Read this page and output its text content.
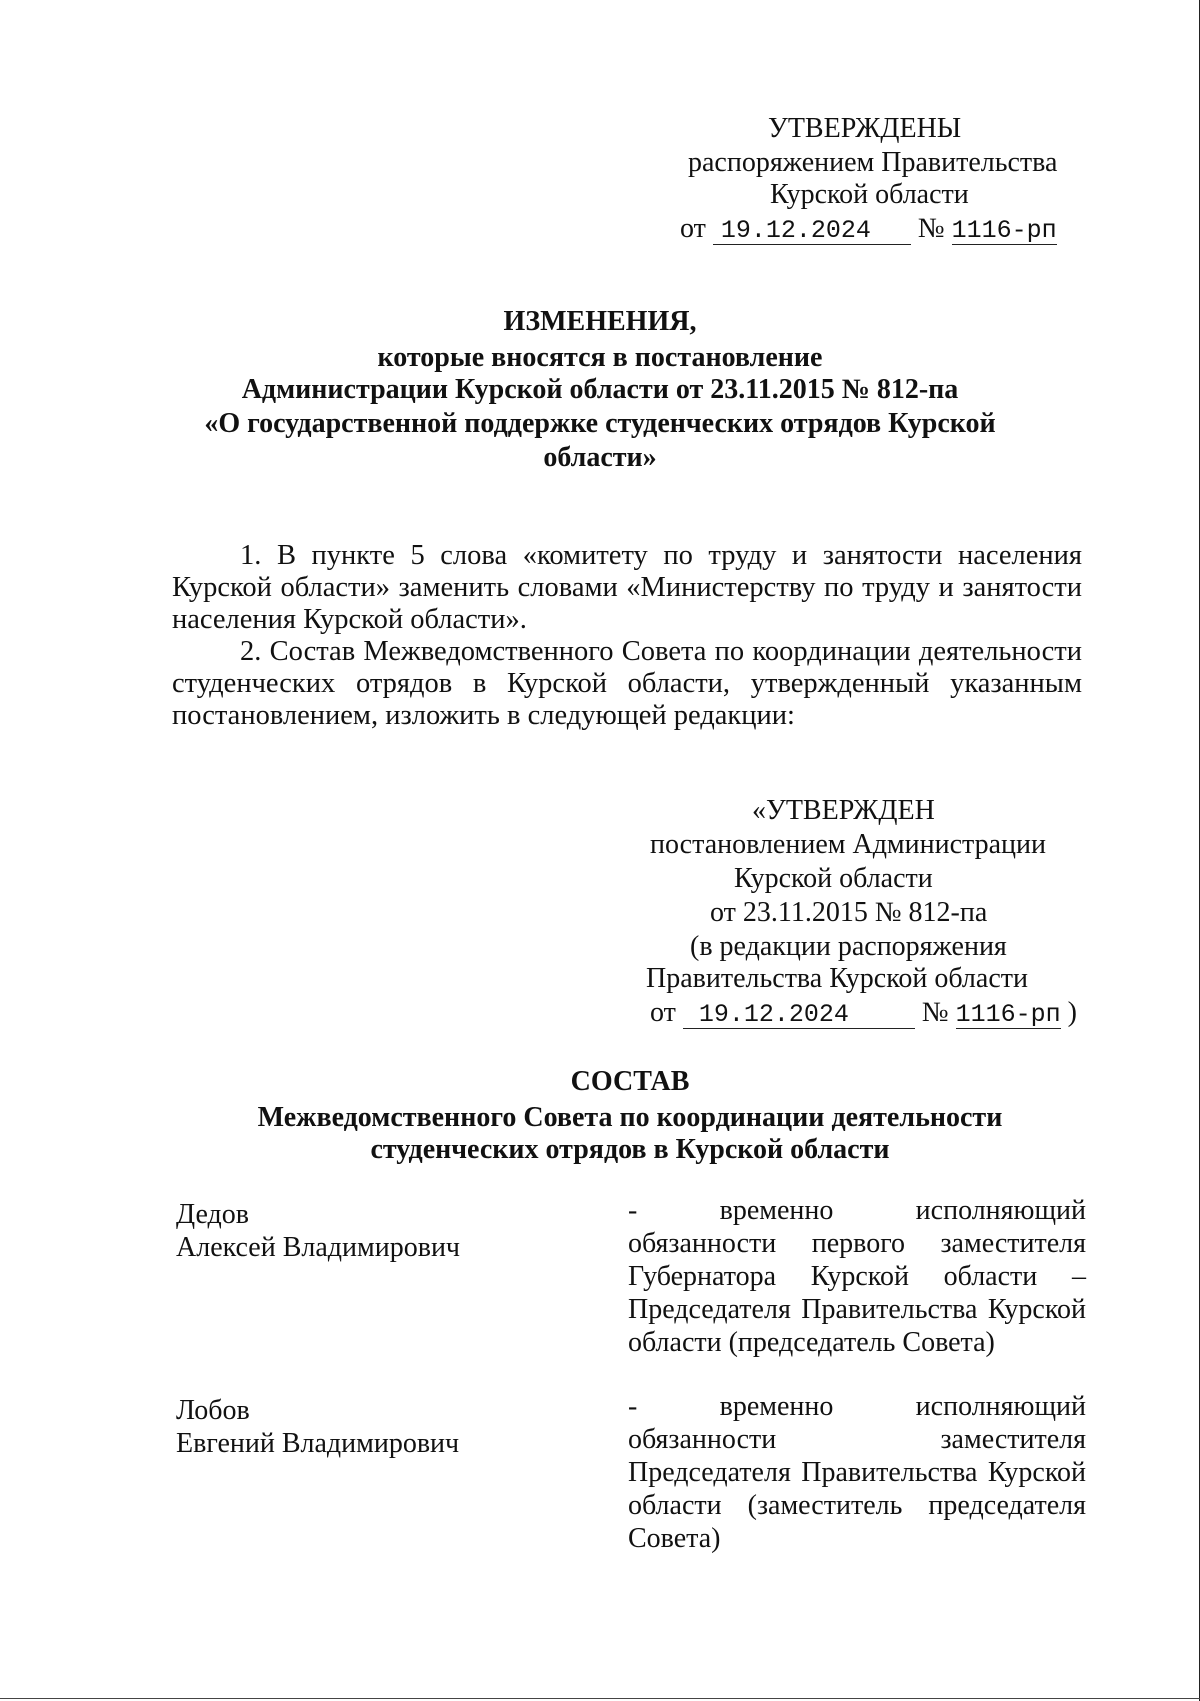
УТВЕРЖДЕНЫ
распоряжением Правительства
Курской области
от 19.12.2024 № 1116-рп
ИЗМЕНЕНИЯ,
которые вносятся в постановление
Администрации Курской области от 23.11.2015 № 812-па
«О государственной поддержке студенческих отрядов Курской
области»
1. В пункте 5 слова «комитету по труду и занятости населения
Курской области» заменить словами «Министерству по труду и занятости
населения Курской области».
2. Состав Межведомственного Совета по координации деятельности
студенческих отрядов в Курской области, утвержденный указанным
постановлением, изложить в следующей редакции:
«УТВЕРЖДЕН
постановлением Администрации
Курской области
от 23.11.2015 № 812-па
(в редакции распоряжения
Правительства Курской области
от 19.12.2024	№ 1116-рп )
СОСТАВ
Межведомственного Совета по координации деятельности
студенческих отрядов в Курской области
Дедов
Алексей Владимирович
-          временно          исполняющий
обязанности первого заместителя
Губернатора Курской области –
Председателя Правительства Курской
области (председатель Совета)
Лобов
Евгений Владимирович
-          временно          исполняющий
обязанности заместителя
Председателя Правительства Курской
области (заместитель председателя
Совета)
